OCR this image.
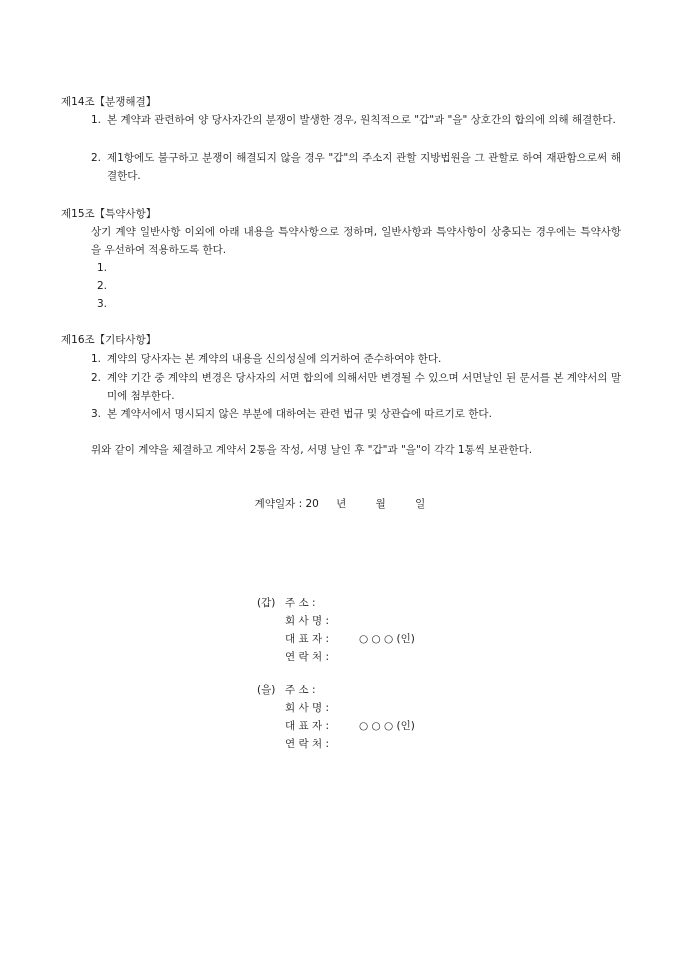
제14조【분쟁해결】
1. 본 계약과 관련하여 양 당사자간의 분쟁이 발생한 경우, 원칙적으로 "갑"과 "을" 상호간의 합의에 의해 해결한다.
2. 제1항에도 불구하고 분쟁이 해결되지 않을 경우 "갑"의 주소지 관할 지방법원을 그 관할로 하여 재판함으로써 해결한다.
제15조【특약사항】
상기 계약 일반사항 이외에 아래 내용을 특약사항으로 정하며, 일반사항과 특약사항이 상충되는 경우에는 특약사항을 우선하여 적용하도록 한다.
1.
2.
3.
제16조【기타사항】
1. 계약의 당사자는 본 계약의 내용을 신의성실에 의거하여 준수하여야 한다.
2. 계약 기간 중 계약의 변경은 당사자의 서면 합의에 의해서만 변경될 수 있으며 서면날인 된 문서를 본 계약서의 말미에 첨부한다.
3. 본 계약서에서 명시되지 않은 부분에 대하여는 관련 법규 및 상관습에 따르기로 한다.
위와 같이 계약을 체결하고 계약서 2통을 작성, 서명 날인 후 "갑"과 "을"이 각각 1통씩 보관한다.
계약일자 : 20 년	월	일
(갑) 주 소 :
회 사 명 :
대 표 자 :	○ ○ ○ (인)
연 락 처 :
(을) 주 소 :
회 사 명 :
대 표 자 :	○ ○ ○ (인)
연 락 처 :
